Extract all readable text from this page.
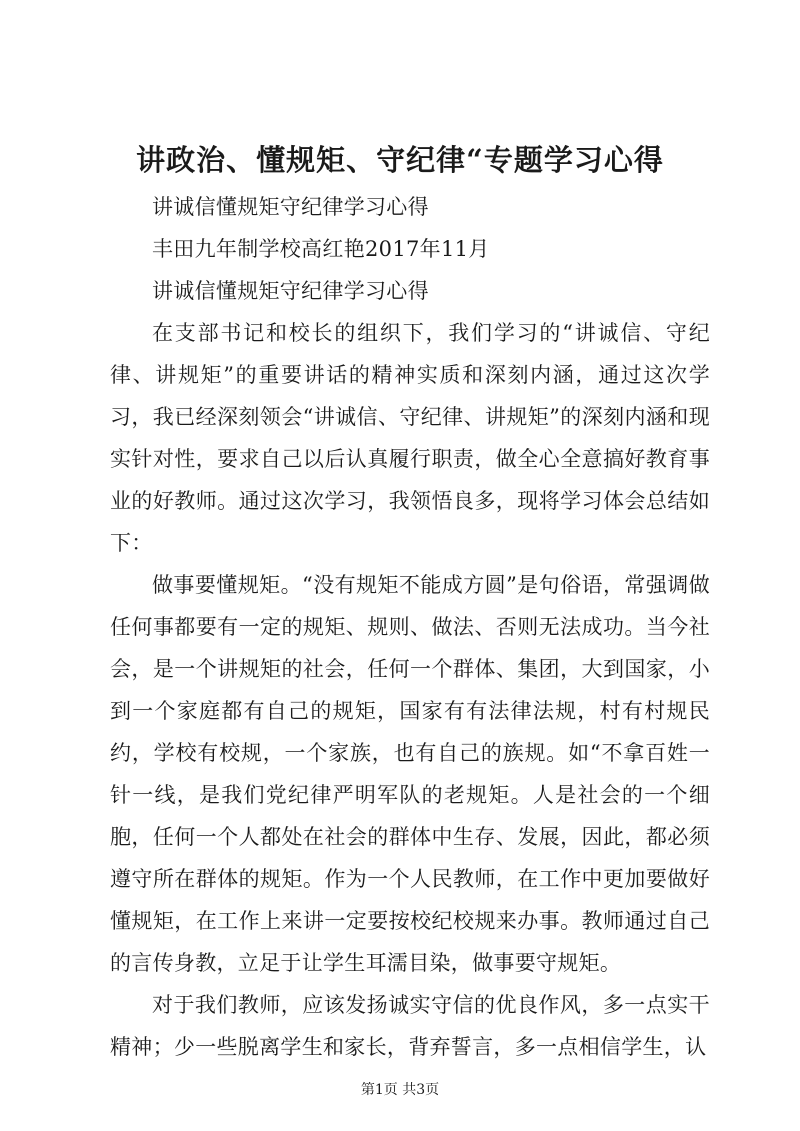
讲政治、懂规矩、守纪律“专题学习心得

讲诚信懂规矩守纪律学习心得

丰田九年制学校高红艳2017年11月

讲诚信懂规矩守纪律学习心得

在支部书记和校长的组织下，我们学习的“讲诚信、守纪律、讲规矩”的重要讲话的精神实质和深刻内涵，通过这次学习，我已经深刻领会“讲诚信、守纪律、讲规矩”的深刻内涵和现实针对性，要求自己以后认真履行职责，做全心全意搞好教育事业的好教师。通过这次学习，我领悟良多，现将学习体会总结如下：

做事要懂规矩。“没有规矩不能成方圆”是句俗语，常强调做任何事都要有一定的规矩、规则、做法、否则无法成功。当今社会，是一个讲规矩的社会，任何一个群体、集团，大到国家，小到一个家庭都有自己的规矩，国家有有法律法规，村有村规民约，学校有校规，一个家族，也有自己的族规。如“不拿百姓一针一线，是我们党纪律严明军队的老规矩。人是社会的一个细胞，任何一个人都处在社会的群体中生存、发展，因此，都必须遵守所在群体的规矩。作为一个人民教师，在工作中更加要做好懂规矩，在工作上来讲一定要按校纪校规来办事。教师通过自己的言传身教，立足于让学生耳濡目染，做事要守规矩。

对于我们教师，应该发扬诚实守信的优良作风，多一点实干精神；少一些脱离学生和家长，背弃誓言，多一点相信学生，认

第1页 共3页
